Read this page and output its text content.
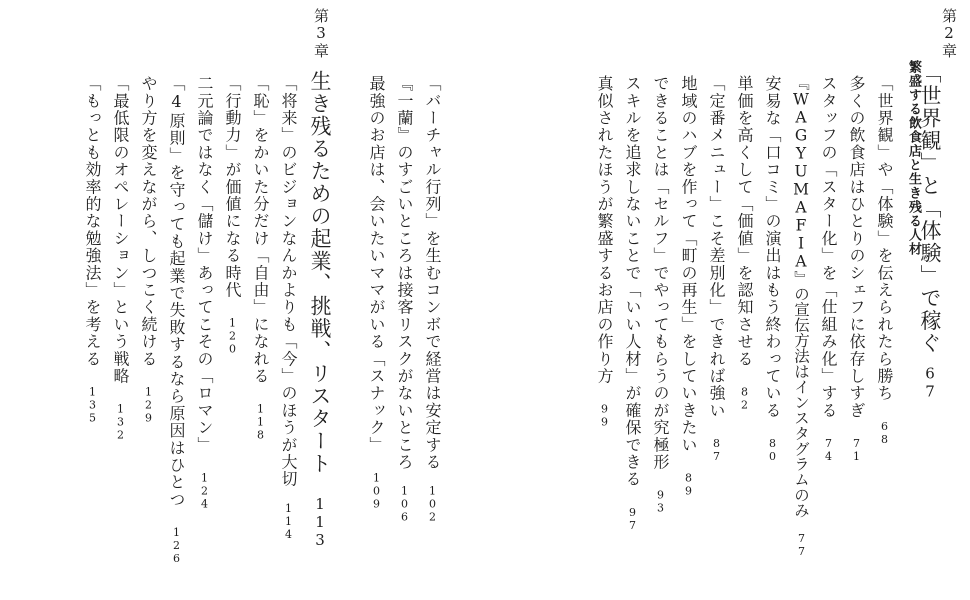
第2章
「世界観」と「体験」で稼ぐ67
繁盛する飲食店と生き残る人材
「世界観」や「体験」を伝えられたら勝ち68
多くの飲食店はひとりのシェフに依存しすぎ71
スタッフの「スター化」を「仕組み化」する74
『WAGYUMAFIA』の宣伝方法はインスタグラムのみ77
安易な「口コミ」の演出はもう終わっている80
単価を高くして「価値」を認知させる82
「定番メニュー」こそ差別化」できれば強い87
地域のハブを作って「町の再生」をしていきたい89
できることは「セルフ」でやってもらうのが究極形93
スキルを追求しないことで「いい人材」が確保できる97
真似されたほうが繁盛するお店の作り方99
「バーチャル行列」を生むコンボで経営は安定する102
『一蘭』のすごいところは接客リスクがないところ106
最強のお店は、会いたいママがいる「スナック」109
第3章
生き残るための起業、挑戦、リスタート113
「将来」のビジョンなんかよりも「今」のほうが大切114
「恥」をかいた分だけ「自由」になれる118
「行動力」が価値になる時代120
二元論ではなく「儲け」あってこその「ロマン」124
「4原則」を守っても起業で失敗するなら原因はひとつ126
やり方を変えながら、しつこく続ける129
「最低限のオペレーション」という戦略132
「もっとも効率的な勉強法」を考える135
